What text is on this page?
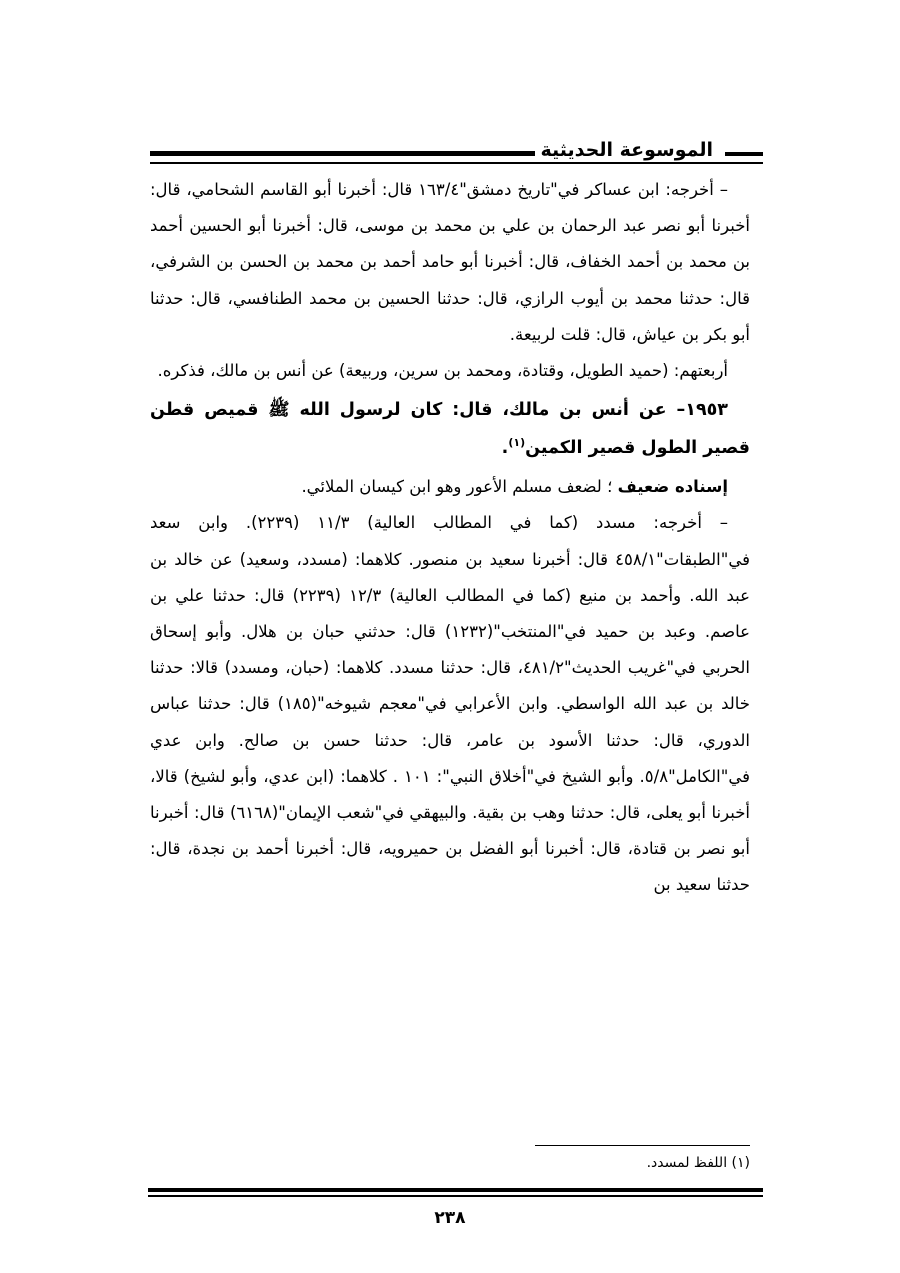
الموسوعة الحديثية

– أخرجه: ابن عساكر في"تاريخ دمشق"١٦٣/٤ قال: أخبرنا أبو القاسم الشحامي، قال: أخبرنا أبو نصر عبد الرحمان بن علي بن محمد بن موسى، قال: أخبرنا أبو الحسين أحمد بن محمد بن أحمد الخفاف، قال: أخبرنا أبو حامد أحمد بن محمد بن الحسن بن الشرفي، قال: حدثنا محمد بن أيوب الرازي، قال: حدثنا الحسين بن محمد الطنافسي، قال: حدثنا أبو بكر بن عياش، قال: قلت لربيعة.

أربعتهم: (حميد الطويل، وقتادة، ومحمد بن سرين، وربيعة) عن أنس بن مالك، فذكره.

١٩٥٣– عن أنس بن مالك، قال: كان لرسول الله ﷺ قميص قطن قصير الطول قصير الكمين$^{(١)}$.

إسناده ضعيف ؛ لضعف مسلم الأعور وهو ابن كيسان الملائي.

– أخرجه: مسدد (كما في المطالب العالية) ١١/٣ (٢٢٣٩). وابن سعد في"الطبقات"٤٥٨/١ قال: أخبرنا سعيد بن منصور. كلاهما: (مسدد، وسعيد) عن خالد بن عبد الله. وأحمد بن منيع (كما في المطالب العالية) ١٢/٣ (٢٢٣٩) قال: حدثنا علي بن عاصم. وعبد بن حميد في"المنتخب"(١٢٣٢) قال: حدثني حبان بن هلال. وأبو إسحاق الحربي في"غريب الحديث"٤٨١/٢، قال: حدثنا مسدد. كلاهما: (حبان، ومسدد) قالا: حدثنا خالد بن عبد الله الواسطي. وابن الأعرابي في"معجم شيوخه"(١٨٥) قال: حدثنا عباس الدوري، قال: حدثنا الأسود بن عامر، قال: حدثنا حسن بن صالح. وابن عدي في"الكامل"٥/٨. وأبو الشيخ في"أخلاق النبي": ١٠١ . كلاهما: (ابن عدي، وأبو لشيخ) قالا، أخبرنا أبو يعلى، قال: حدثنا وهب بن بقية. والبيهقي في"شعب الإيمان"(٦١٦٨) قال: أخبرنا أبو نصر بن قتادة، قال: أخبرنا أبو الفضل بن حميرويه، قال: أخبرنا أحمد بن نجدة، قال: حدثنا سعيد بن

(١) اللفظ لمسدد.
٢٣٨
